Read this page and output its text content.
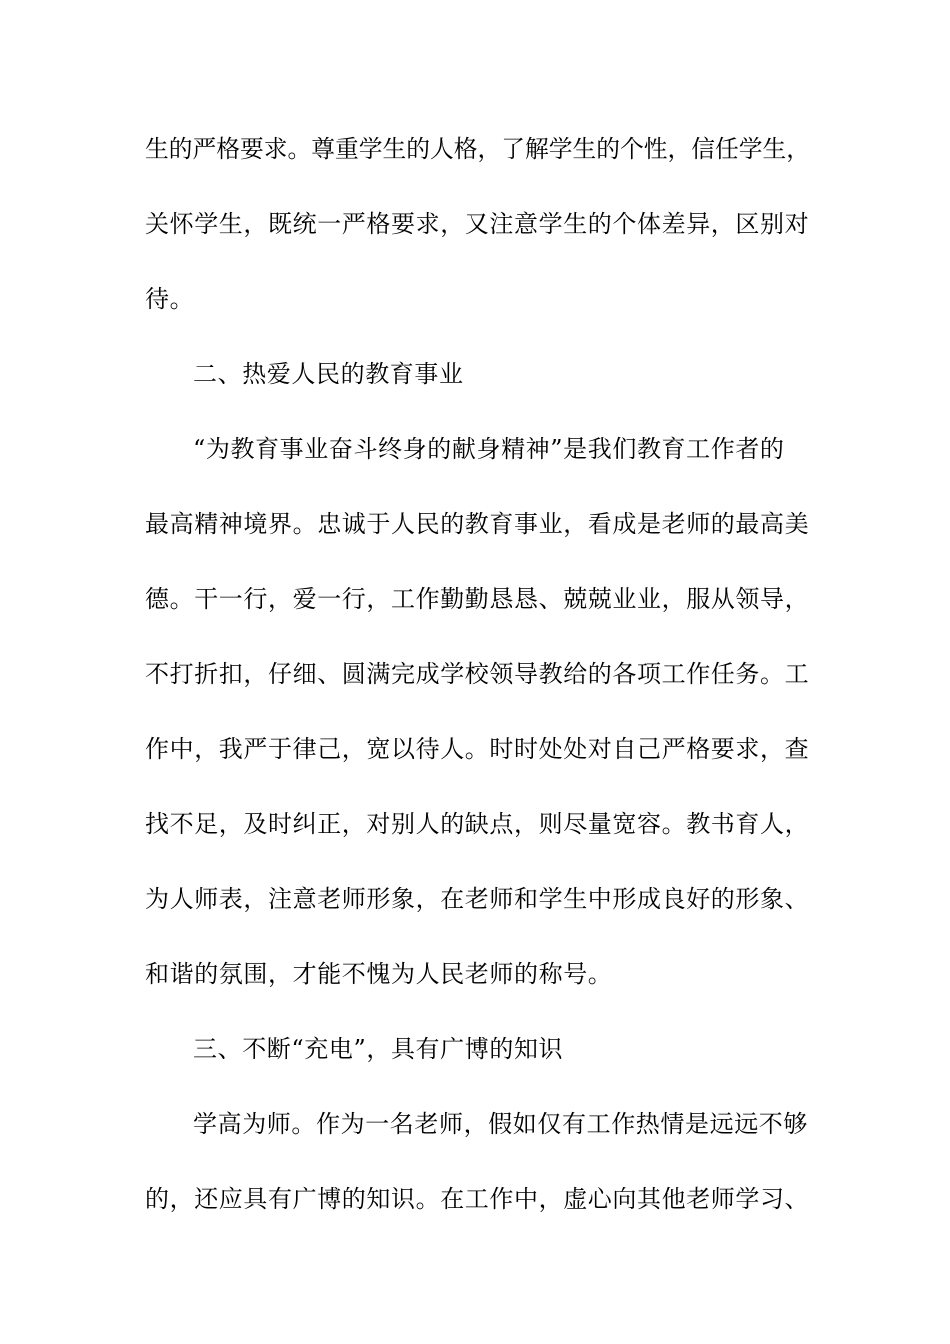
生的严格要求。尊重学生的人格，了解学生的个性，信任学生，
关怀学生，既统一严格要求，又注意学生的个体差异，区别对
待。
二、热爱人民的教育事业
“为教育事业奋斗终身的献身精神”是我们教育工作者的
最高精神境界。忠诚于人民的教育事业，看成是老师的最高美
德。干一行，爱一行，工作勤勤恳恳、兢兢业业，服从领导，
不打折扣，仔细、圆满完成学校领导教给的各项工作任务。工
作中，我严于律己，宽以待人。时时处处对自己严格要求，查
找不足，及时纠正，对别人的缺点，则尽量宽容。教书育人，
为人师表，注意老师形象，在老师和学生中形成良好的形象、
和谐的氛围，才能不愧为人民老师的称号。
三、不断“充电”，具有广博的知识
学高为师。作为一名老师，假如仅有工作热情是远远不够
的，还应具有广博的知识。在工作中，虚心向其他老师学习、
